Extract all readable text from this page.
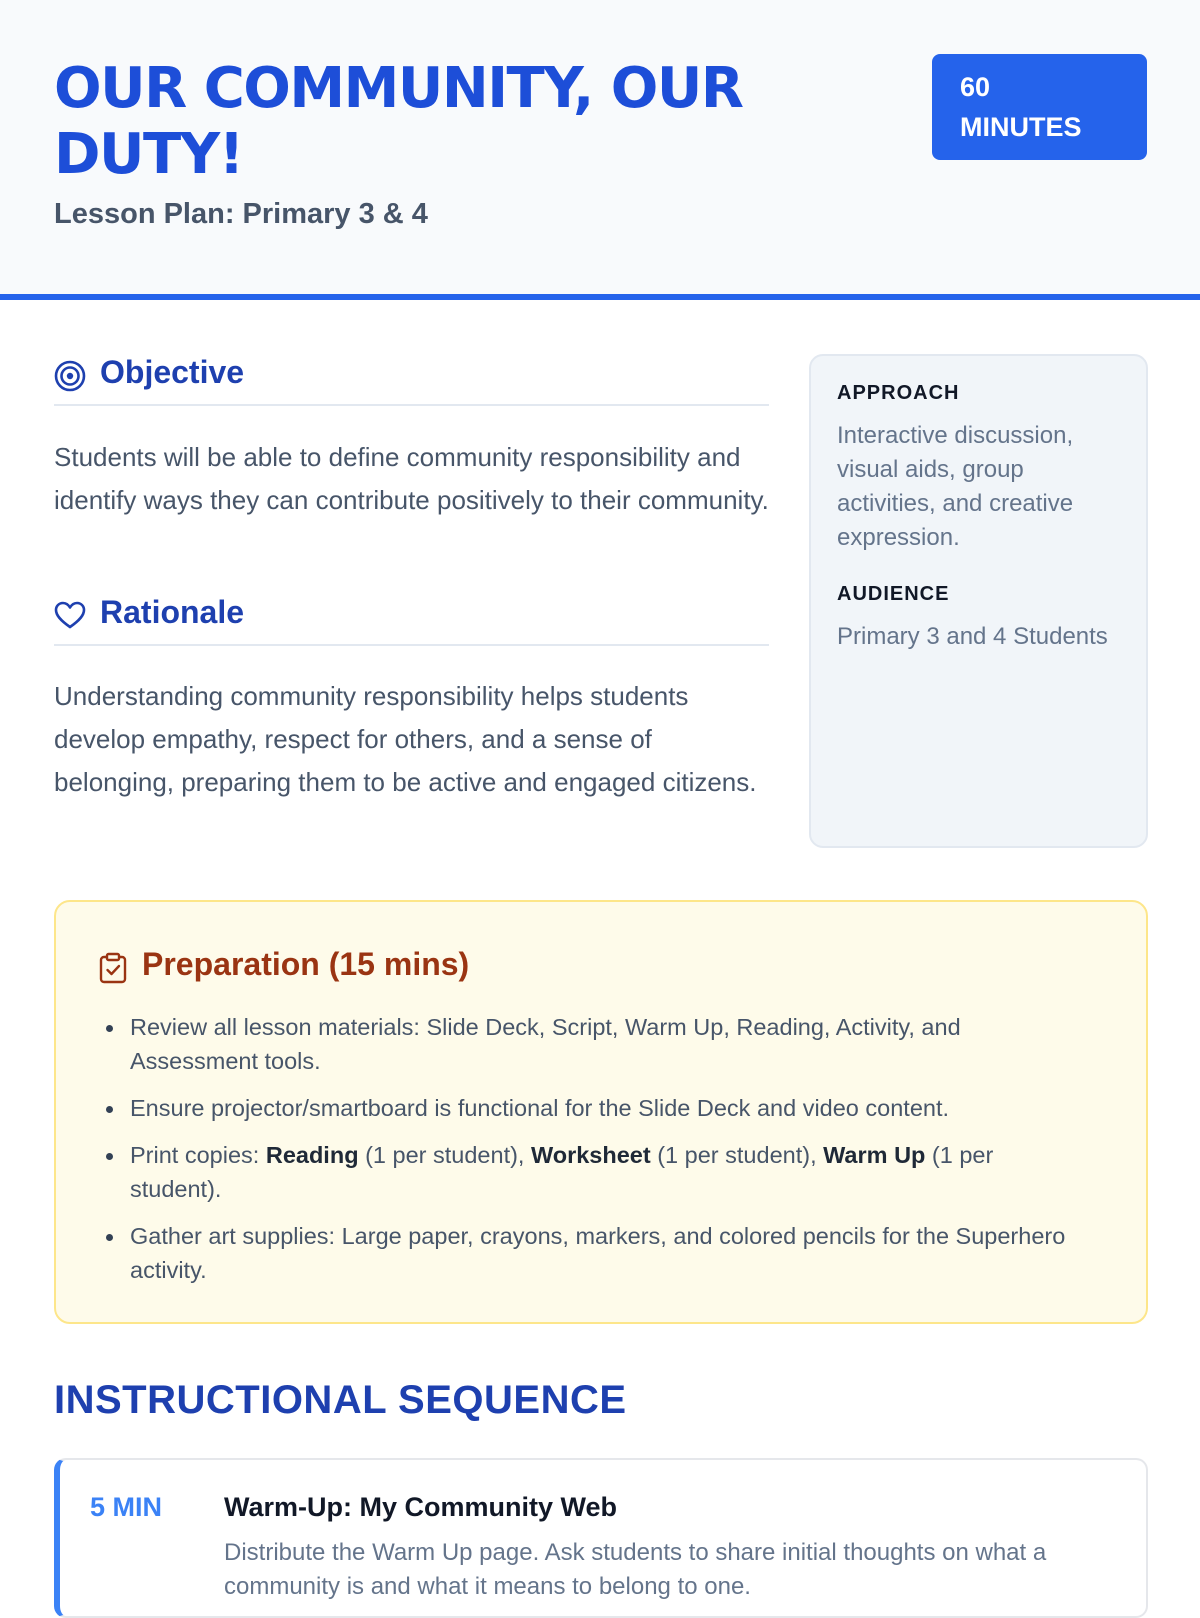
OUR COMMUNITY, OUR DUTY!
Lesson Plan: Primary 3 & 4
60 MINUTES
Objective
Students will be able to define community responsibility and identify ways they can contribute positively to their community.
Rationale
Understanding community responsibility helps students develop empathy, respect for others, and a sense of belonging, preparing them to be active and engaged citizens.
APPROACH
Interactive discussion, visual aids, group activities, and creative expression.
AUDIENCE
Primary 3 and 4 Students
Preparation (15 mins)
Review all lesson materials: Slide Deck, Script, Warm Up, Reading, Activity, and Assessment tools.
Ensure projector/smartboard is functional for the Slide Deck and video content.
Print copies: Reading (1 per student), Worksheet (1 per student), Warm Up (1 per student).
Gather art supplies: Large paper, crayons, markers, and colored pencils for the Superhero activity.
INSTRUCTIONAL SEQUENCE
5 MIN Warm-Up: My Community Web
Distribute the Warm Up page. Ask students to share initial thoughts on what a community is and what it means to belong to one.
